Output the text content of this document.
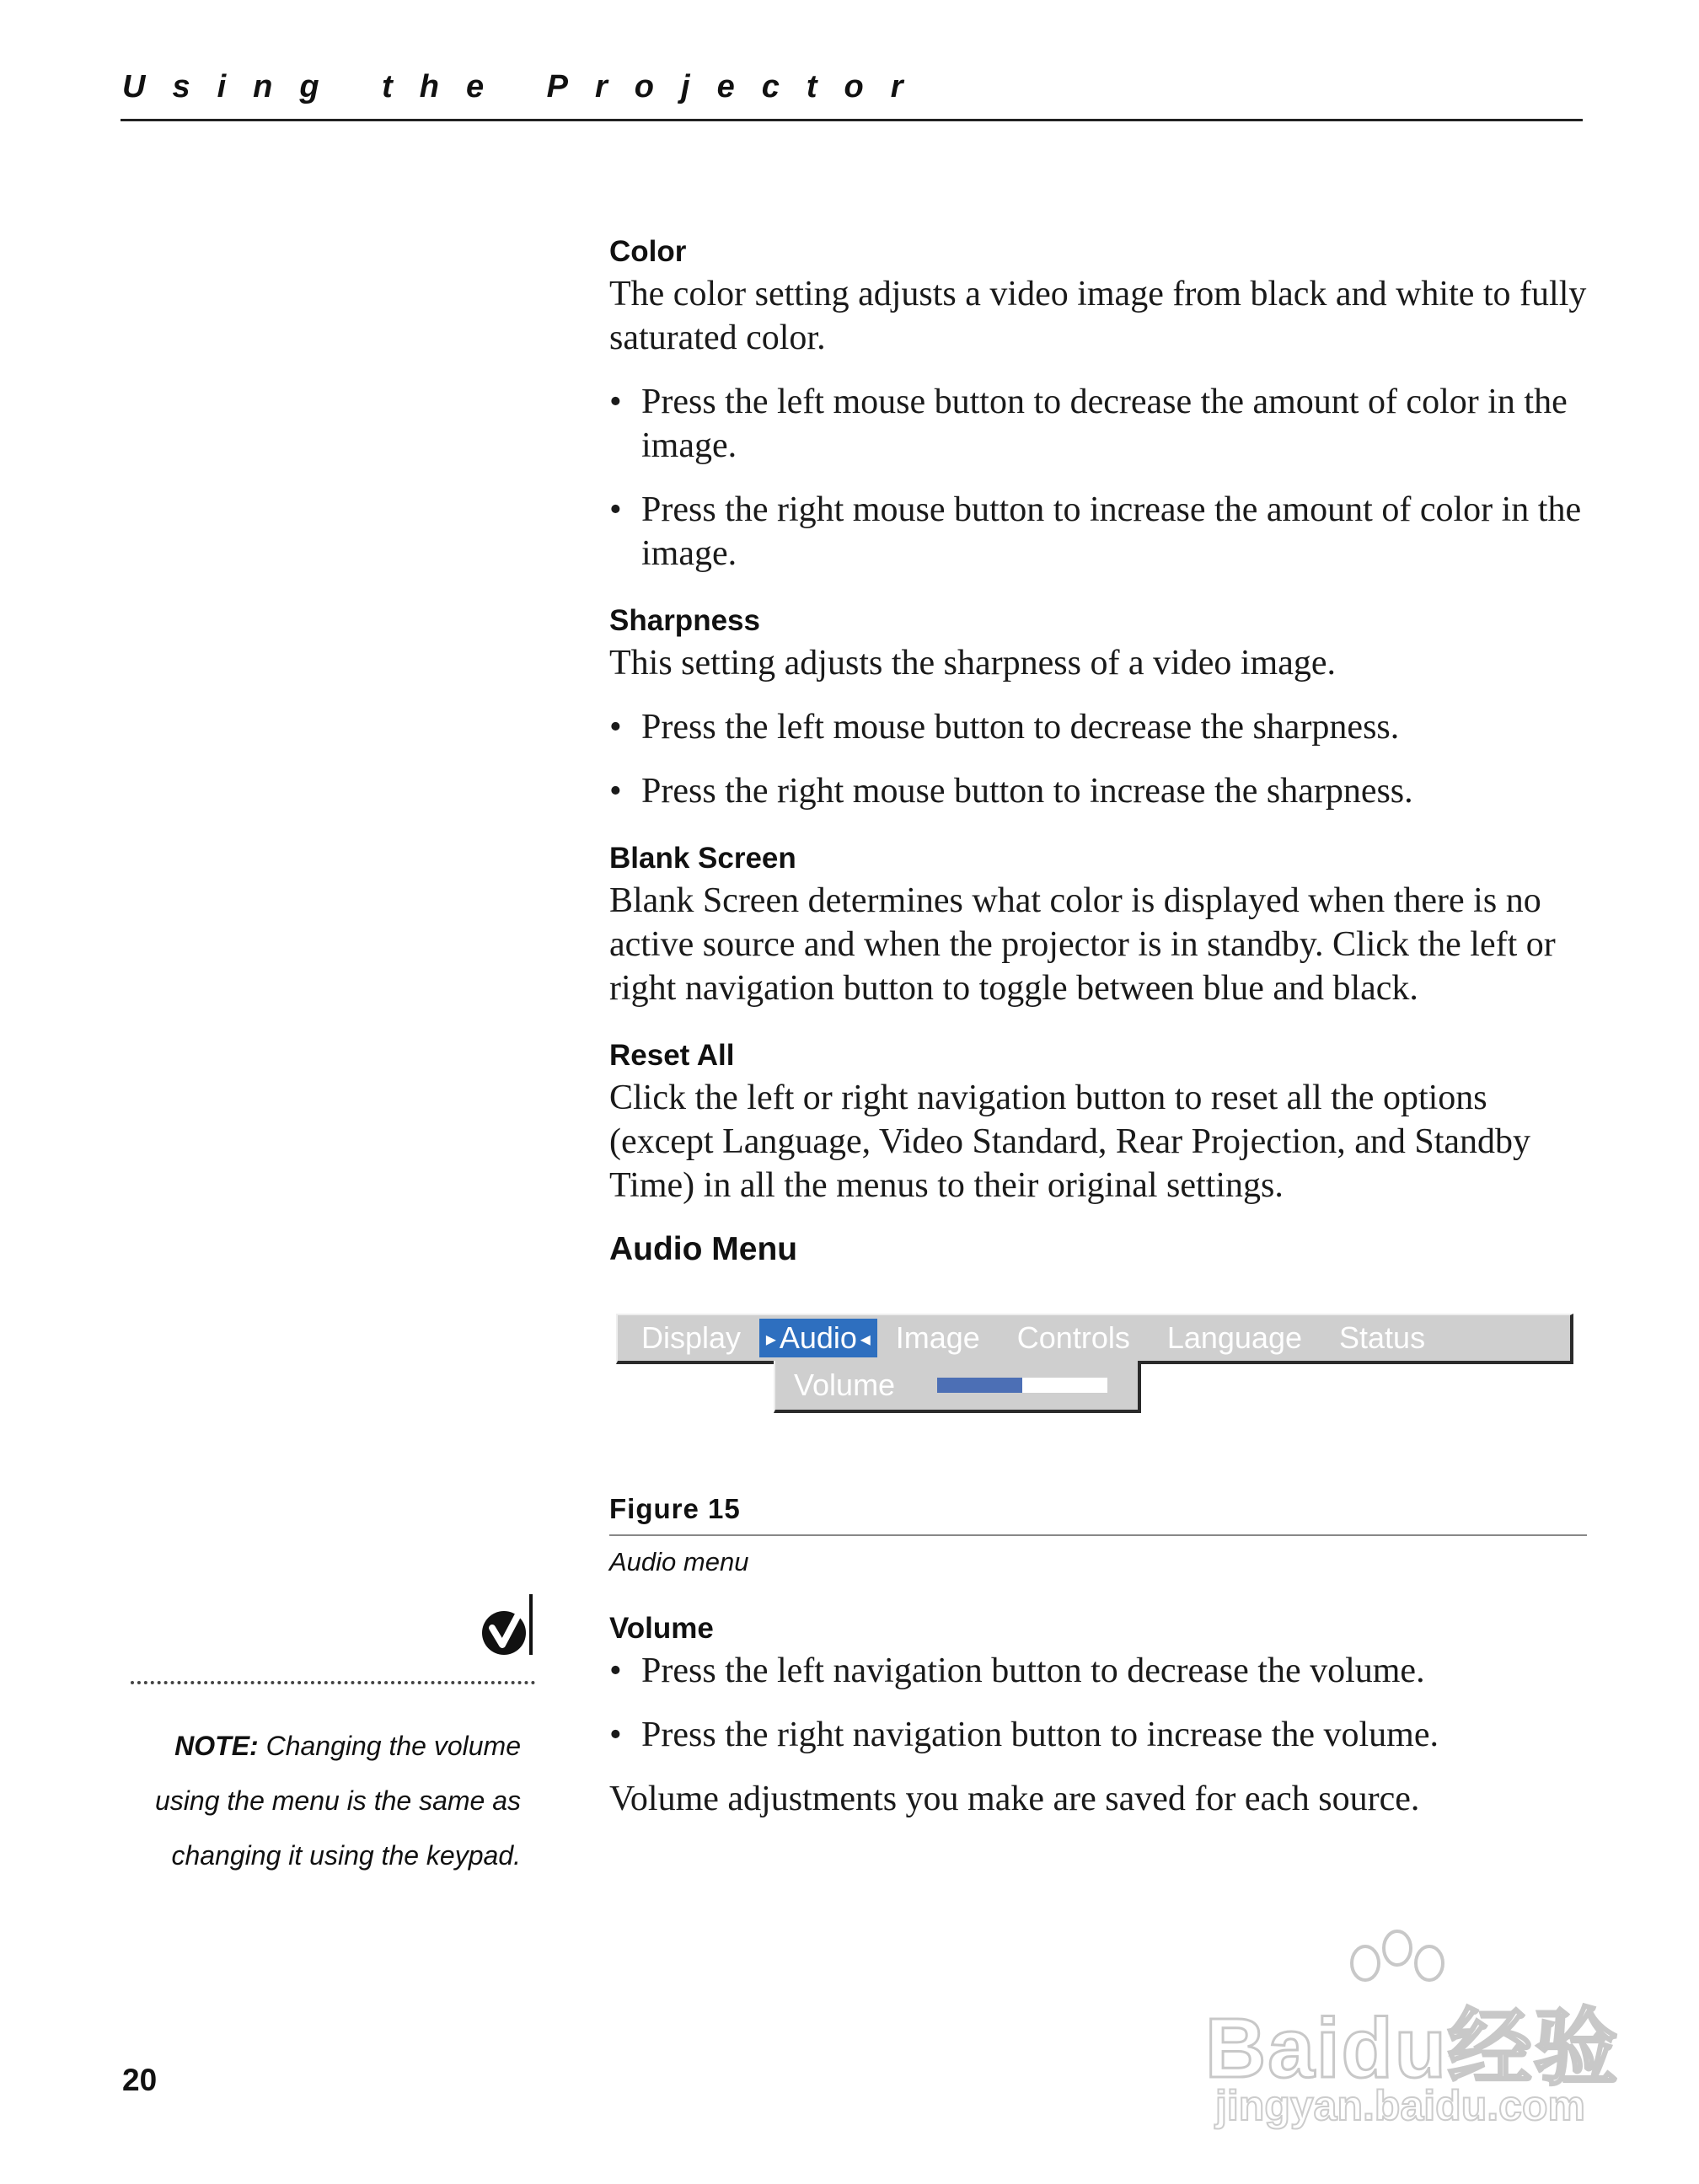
Using the Projector

Color

The color setting adjusts a video image from black and white to fully saturated color.

• Press the left mouse button to decrease the amount of color in the image.
• Press the right mouse button to increase the amount of color in the image.

Sharpness

This setting adjusts the sharpness of a video image.

• Press the left mouse button to decrease the sharpness.
• Press the right mouse button to increase the sharpness.

Blank Screen

Blank Screen determines what color is displayed when there is no active source and when the projector is in standby. Click the left or right navigation button to toggle between blue and black.

Reset All

Click the left or right navigation button to reset all the options (except Language, Video Standard, Rear Projection, and Standby Time) in all the menus to their original settings.

Audio Menu

Display	►Audio◄ Image	Controls	Language	Status
Volume

Figure 15

Audio menu

Volume

• Press the left navigation button to decrease the volume.
• Press the right navigation button to increase the volume.

Volume adjustments you make are saved for each source.

NOTE: Changing the volume using the menu is the same as changing it using the keypad.
20	Baidu经验
jingyan.baidu.com
